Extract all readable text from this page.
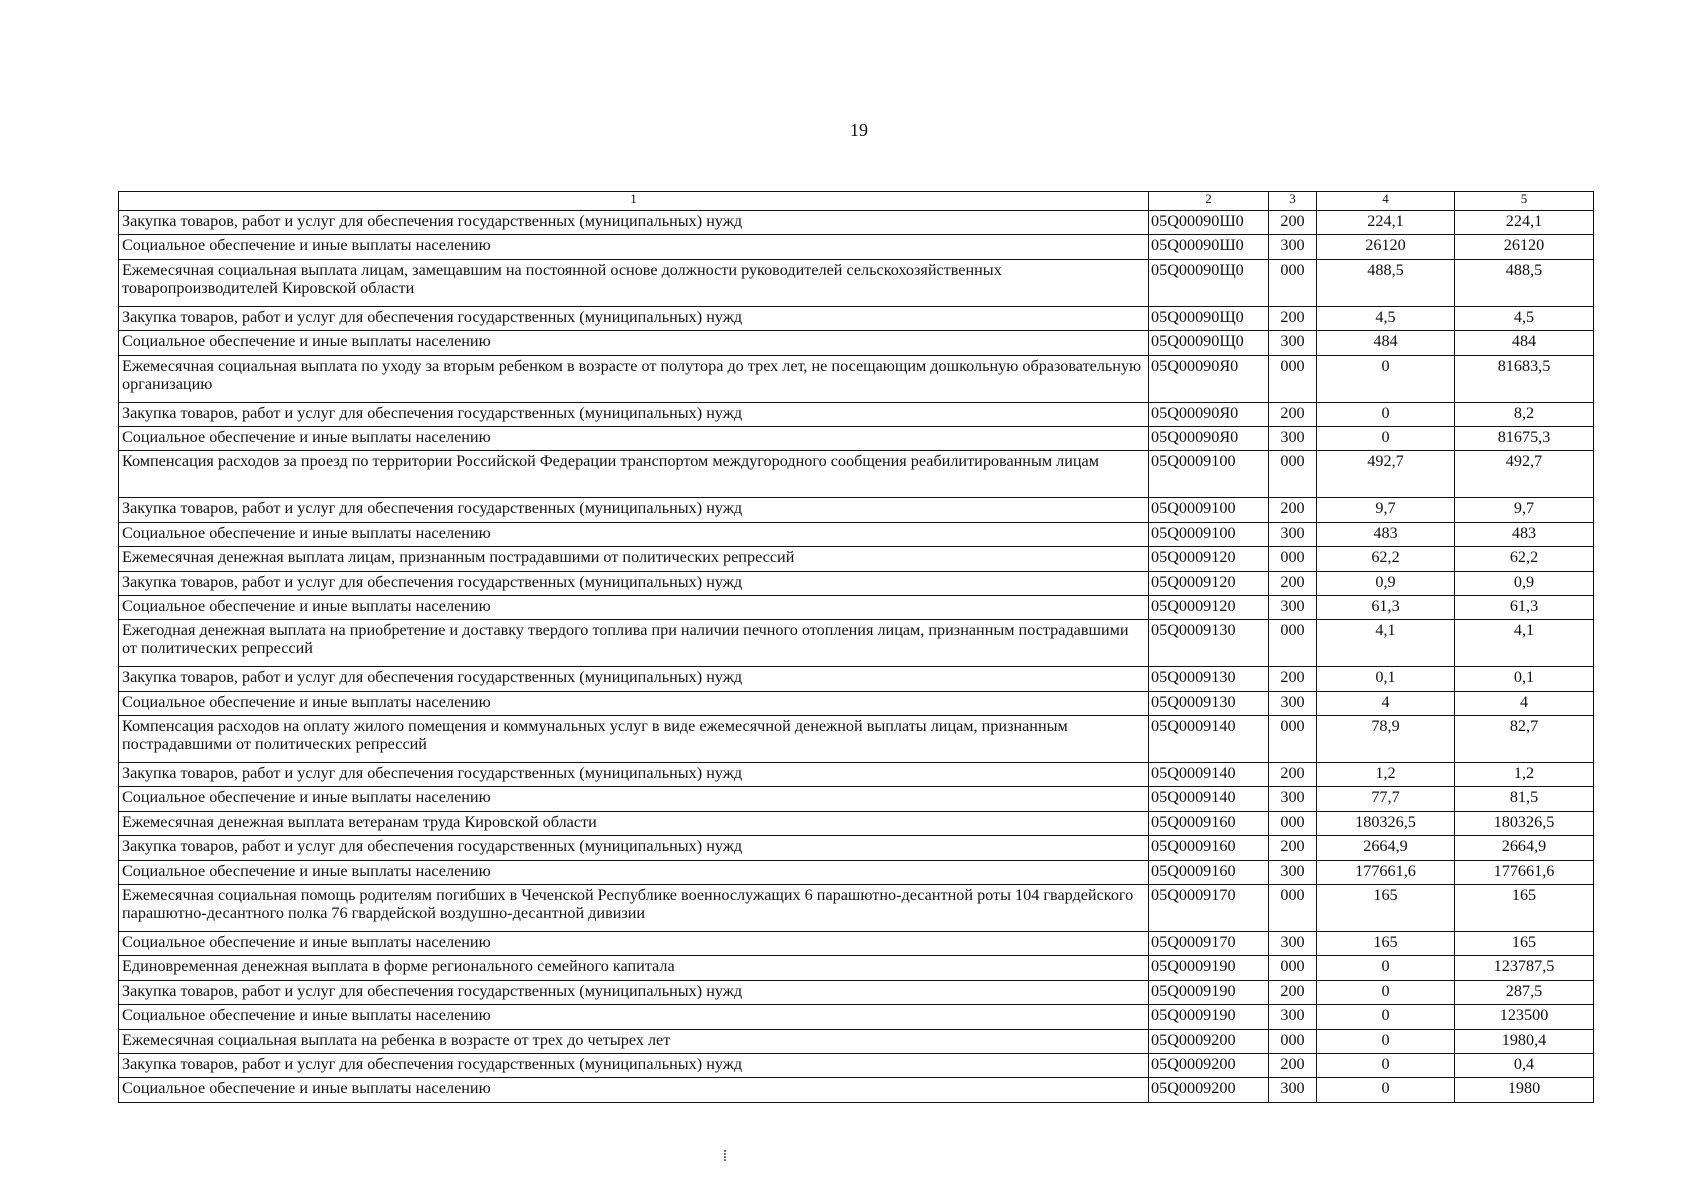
19
1	2	3	4	5
Закупка товаров, работ и услуг для обеспечения государственных (муниципальных) нужд	05Q00090Ш0	200	224,1	224,1
Социальное обеспечение и иные выплаты населению	05Q00090Ш0	300	26120	26120
Ежемесячная социальная выплата лицам, замещавшим на постоянной основе должности руководителей сельскохозяйственных товаропроизводителей Кировской области	05Q00090Щ0	000	488,5	488,5
Закупка товаров, работ и услуг для обеспечения государственных (муниципальных) нужд	05Q00090Щ0	200	4,5	4,5
Социальное обеспечение и иные выплаты населению	05Q00090Щ0	300	484	484
Ежемесячная социальная выплата по уходу за вторым ребенком в возрасте от полутора до трех лет, не посещающим дошкольную образовательную организацию	05Q00090Я0	000	0	81683,5
Закупка товаров, работ и услуг для обеспечения государственных (муниципальных) нужд	05Q00090Я0	200	0	8,2
Социальное обеспечение и иные выплаты населению	05Q00090Я0	300	0	81675,3
Компенсация расходов за проезд по территории Российской Федерации транспортом междугородного сообщения реабилитированным лицам	05Q0009100	000	492,7	492,7
Закупка товаров, работ и услуг для обеспечения государственных (муниципальных) нужд	05Q0009100	200	9,7	9,7
Социальное обеспечение и иные выплаты населению	05Q0009100	300	483	483
Ежемесячная денежная выплата лицам, признанным пострадавшими от политических репрессий	05Q0009120	000	62,2	62,2
Закупка товаров, работ и услуг для обеспечения государственных (муниципальных) нужд	05Q0009120	200	0,9	0,9
Социальное обеспечение и иные выплаты населению	05Q0009120	300	61,3	61,3
Ежегодная денежная выплата на приобретение и доставку твердого топлива при наличии печного отопления лицам, признанным пострадавшими от политических репрессий	05Q0009130	000	4,1	4,1
Закупка товаров, работ и услуг для обеспечения государственных (муниципальных) нужд	05Q0009130	200	0,1	0,1
Социальное обеспечение и иные выплаты населению	05Q0009130	300	4	4
Компенсация расходов на оплату жилого помещения и коммунальных услуг в виде ежемесячной денежной выплаты лицам, признанным пострадавшими от политических репрессий	05Q0009140	000	78,9	82,7
Закупка товаров, работ и услуг для обеспечения государственных (муниципальных) нужд	05Q0009140	200	1,2	1,2
Социальное обеспечение и иные выплаты населению	05Q0009140	300	77,7	81,5
Ежемесячная денежная выплата ветеранам труда Кировской области	05Q0009160	000	180326,5	180326,5
Закупка товаров, работ и услуг для обеспечения государственных (муниципальных) нужд	05Q0009160	200	2664,9	2664,9
Социальное обеспечение и иные выплаты населению	05Q0009160	300	177661,6	177661,6
Ежемесячная социальная помощь родителям погибших в Чеченской Республике военнослужащих 6 парашютно-десантной роты 104 гвардейского парашютно-десантного полка 76 гвардейской воздушно-десантной дивизии	05Q0009170	000	165	165
Социальное обеспечение и иные выплаты населению	05Q0009170	300	165	165
Единовременная денежная выплата в форме регионального семейного капитала	05Q0009190	000	0	123787,5
Закупка товаров, работ и услуг для обеспечения государственных (муниципальных) нужд	05Q0009190	200	0	287,5
Социальное обеспечение и иные выплаты населению	05Q0009190	300	0	123500
Ежемесячная социальная выплата на ребенка в возрасте от трех до четырех лет	05Q0009200	000	0	1980,4
Закупка товаров, работ и услуг для обеспечения государственных (муниципальных) нужд	05Q0009200	200	0	0,4
Социальное обеспечение и иные выплаты населению	05Q0009200	300	0	1980
⁞
